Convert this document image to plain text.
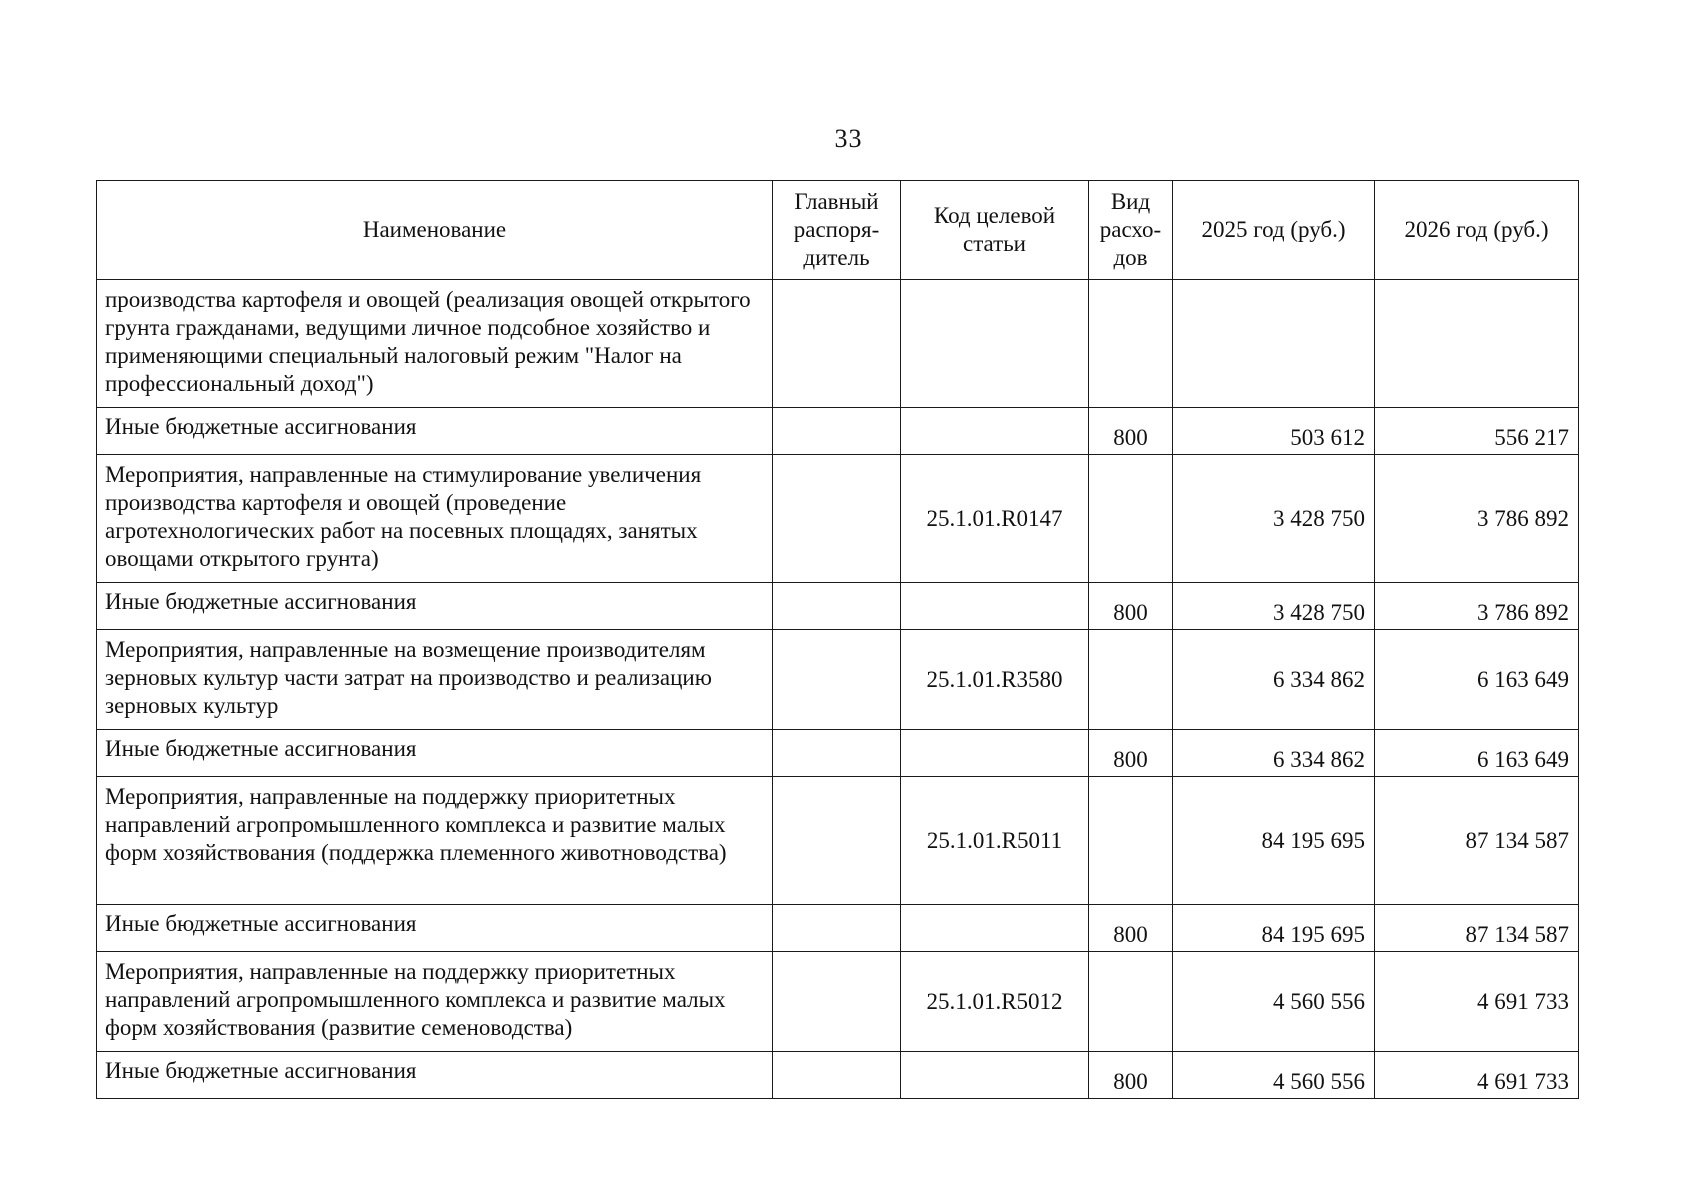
33
Наименование	Главный распоря-дитель	Код целевой статьи	Вид расхо-дов	2025 год (руб.)	2026 год (руб.)
производства картофеля и овощей (реализация овощей открытого грунта гражданами, ведущими личное подсобное хозяйство и применяющими специальный налоговый режим "Налог на профессиональный доход")					
Иные бюджетные ассигнования			800	503 612	556 217
Мероприятия, направленные на стимулирование увеличения производства картофеля и овощей (проведение агротехнологических работ на посевных площадях, занятых овощами открытого грунта)		25.1.01.R0147		3 428 750	3 786 892
Иные бюджетные ассигнования			800	3 428 750	3 786 892
Мероприятия, направленные на возмещение производителям зерновых культур части затрат на производство и реализацию зерновых культур		25.1.01.R3580		6 334 862	6 163 649
Иные бюджетные ассигнования			800	6 334 862	6 163 649
Мероприятия, направленные на поддержку приоритетных направлений агропромышленного комплекса и развитие малых форм хозяйствования (поддержка племенного животноводства)		25.1.01.R5011		84 195 695	87 134 587
Иные бюджетные ассигнования			800	84 195 695	87 134 587
Мероприятия, направленные на поддержку приоритетных направлений агропромышленного комплекса и развитие малых форм хозяйствования (развитие семеноводства)		25.1.01.R5012		4 560 556	4 691 733
Иные бюджетные ассигнования			800	4 560 556	4 691 733
